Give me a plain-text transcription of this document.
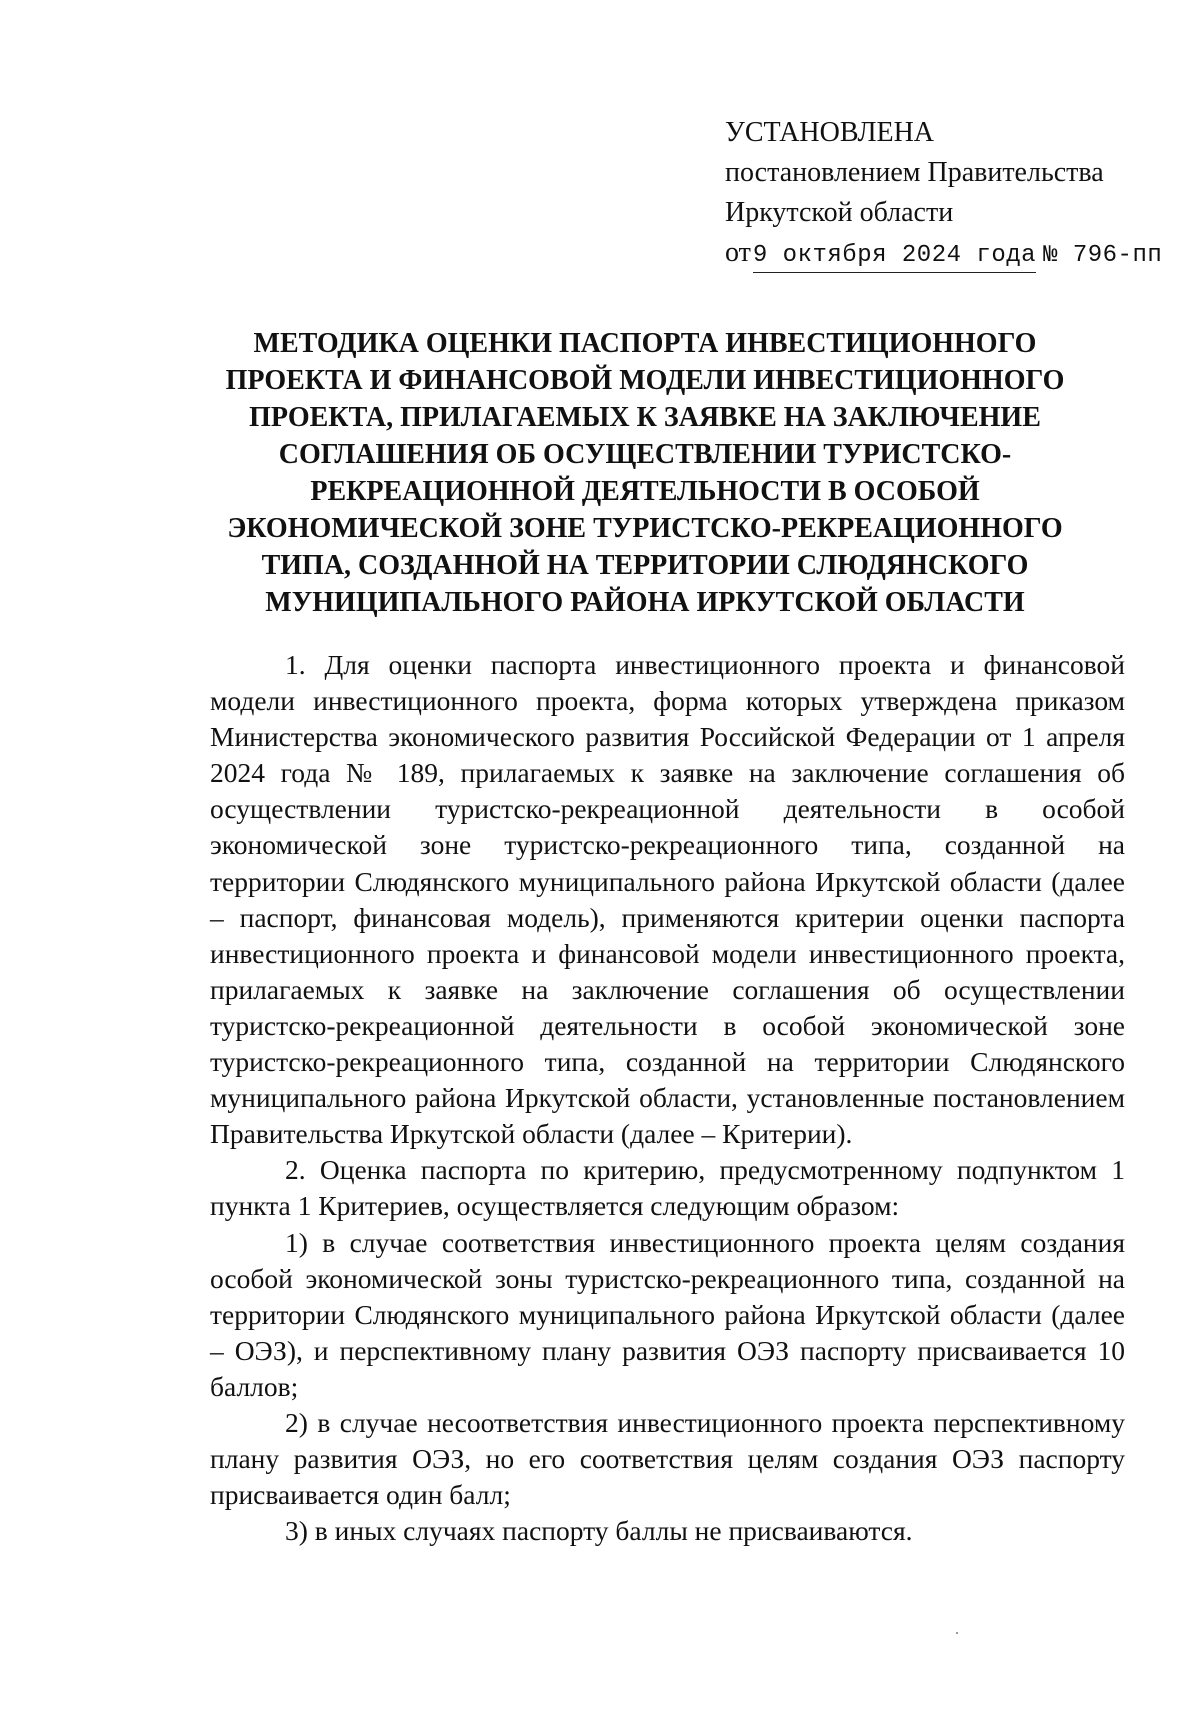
УСТАНОВЛЕНА
постановлением Правительства
Иркутской области
от9 октября 2024 года № 796-пп
МЕТОДИКА ОЦЕНКИ ПАСПОРТА ИНВЕСТИЦИОННОГО
ПРОЕКТА И ФИНАНСОВОЙ МОДЕЛИ ИНВЕСТИЦИОННОГО
ПРОЕКТА, ПРИЛАГАЕМЫХ К ЗАЯВКЕ НА ЗАКЛЮЧЕНИЕ
СОГЛАШЕНИЯ ОБ ОСУЩЕСТВЛЕНИИ ТУРИСТСКО-
РЕКРЕАЦИОННОЙ ДЕЯТЕЛЬНОСТИ В ОСОБОЙ
ЭКОНОМИЧЕСКОЙ ЗОНЕ ТУРИСТСКО-РЕКРЕАЦИОННОГО
ТИПА, СОЗДАННОЙ НА ТЕРРИТОРИИ СЛЮДЯНСКОГО
МУНИЦИПАЛЬНОГО РАЙОНА ИРКУТСКОЙ ОБЛАСТИ

1. Для оценки паспорта инвестиционного проекта и финансовой модели инвестиционного проекта, форма которых утверждена приказом Министерства экономического развития Российской Федерации от 1 апреля 2024 года № 189, прилагаемых к заявке на заключение соглашения об осуществлении туристско-рекреационной деятельности в особой экономической зоне туристско-рекреационного типа, созданной на территории Слюдянского муниципального района Иркутской области (далее – паспорт, финансовая модель), применяются критерии оценки паспорта инвестиционного проекта и финансовой модели инвестиционного проекта, прилагаемых к заявке на заключение соглашения об осуществлении туристско-рекреационной деятельности в особой экономической зоне туристско-рекреационного типа, созданной на территории Слюдянского муниципального района Иркутской области, установленные постановлением Правительства Иркутской области (далее – Критерии).

2. Оценка паспорта по критерию, предусмотренному подпунктом 1 пункта 1 Критериев, осуществляется следующим образом:

1) в случае соответствия инвестиционного проекта целям создания особой экономической зоны туристско-рекреационного типа, созданной на территории Слюдянского муниципального района Иркутской области (далее – ОЭЗ), и перспективному плану развития ОЭЗ паспорту присваивается 10 баллов;

2) в случае несоответствия инвестиционного проекта перспективному плану развития ОЭЗ, но его соответствия целям создания ОЭЗ паспорту присваивается один балл;

3) в иных случаях паспорту баллы не присваиваются.
